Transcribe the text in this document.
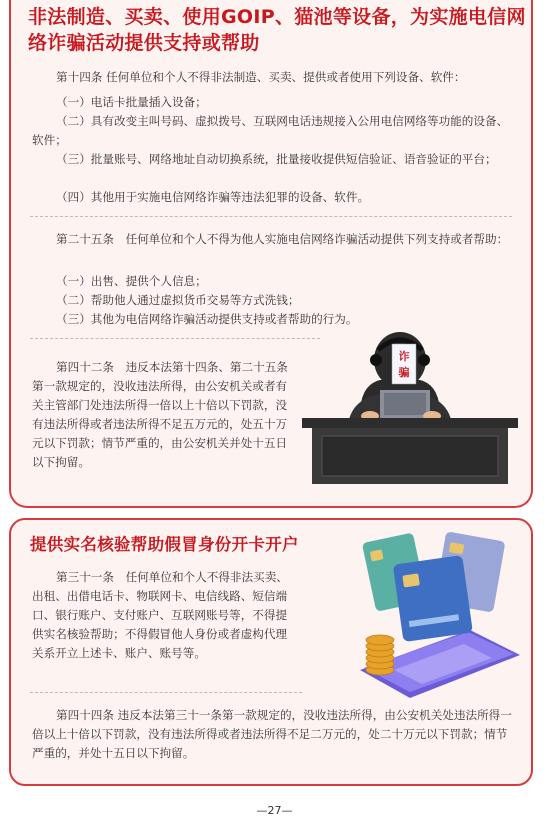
非法制造、买卖、使用GOIP、猫池等设备，为实施电信网络诈骗活动提供支持或帮助
第十四条 任何单位和个人不得非法制造、买卖、提供或者使用下列设备、软件：
（一）电话卡批量插入设备；
（二）具有改变主叫号码、虚拟拨号、互联网电话违规接入公用电信网络等功能的设备、软件；
（三）批量账号、网络地址自动切换系统，批量接收提供短信验证、语音验证的平台；
（四）其他用于实施电信网络诈骗等违法犯罪的设备、软件。
第二十五条　任何单位和个人不得为他人实施电信网络诈骗活动提供下列支持或者帮助：
（一）出售、提供个人信息；
（二）帮助他人通过虚拟货币交易等方式洗钱；
（三）其他为电信网络诈骗活动提供支持或者帮助的行为。
第四十二条　违反本法第十四条、第二十五条第一款规定的，没收违法所得，由公安机关或者有关主管部门处违法所得一倍以上十倍以下罚款，没有违法所得或者违法所得不足五万元的，处五十万元以下罚款；情节严重的，由公安机关并处十五日以下拘留。
诈
骗
提供实名核验帮助假冒身份开卡开户
第三十一条　任何单位和个人不得非法买卖、出租、出借电话卡、物联网卡、电信线路、短信端口、银行账户、支付账户、互联网账号等，不得提供实名核验帮助；不得假冒他人身份或者虚构代理关系开立上述卡、账户、账号等。
第四十四条 违反本法第三十一条第一款规定的，没收违法所得，由公安机关处违法所得一倍以上十倍以下罚款，没有违法所得或者违法所得不足二万元的，处二十万元以下罚款；情节严重的，并处十五日以下拘留。
—27—
